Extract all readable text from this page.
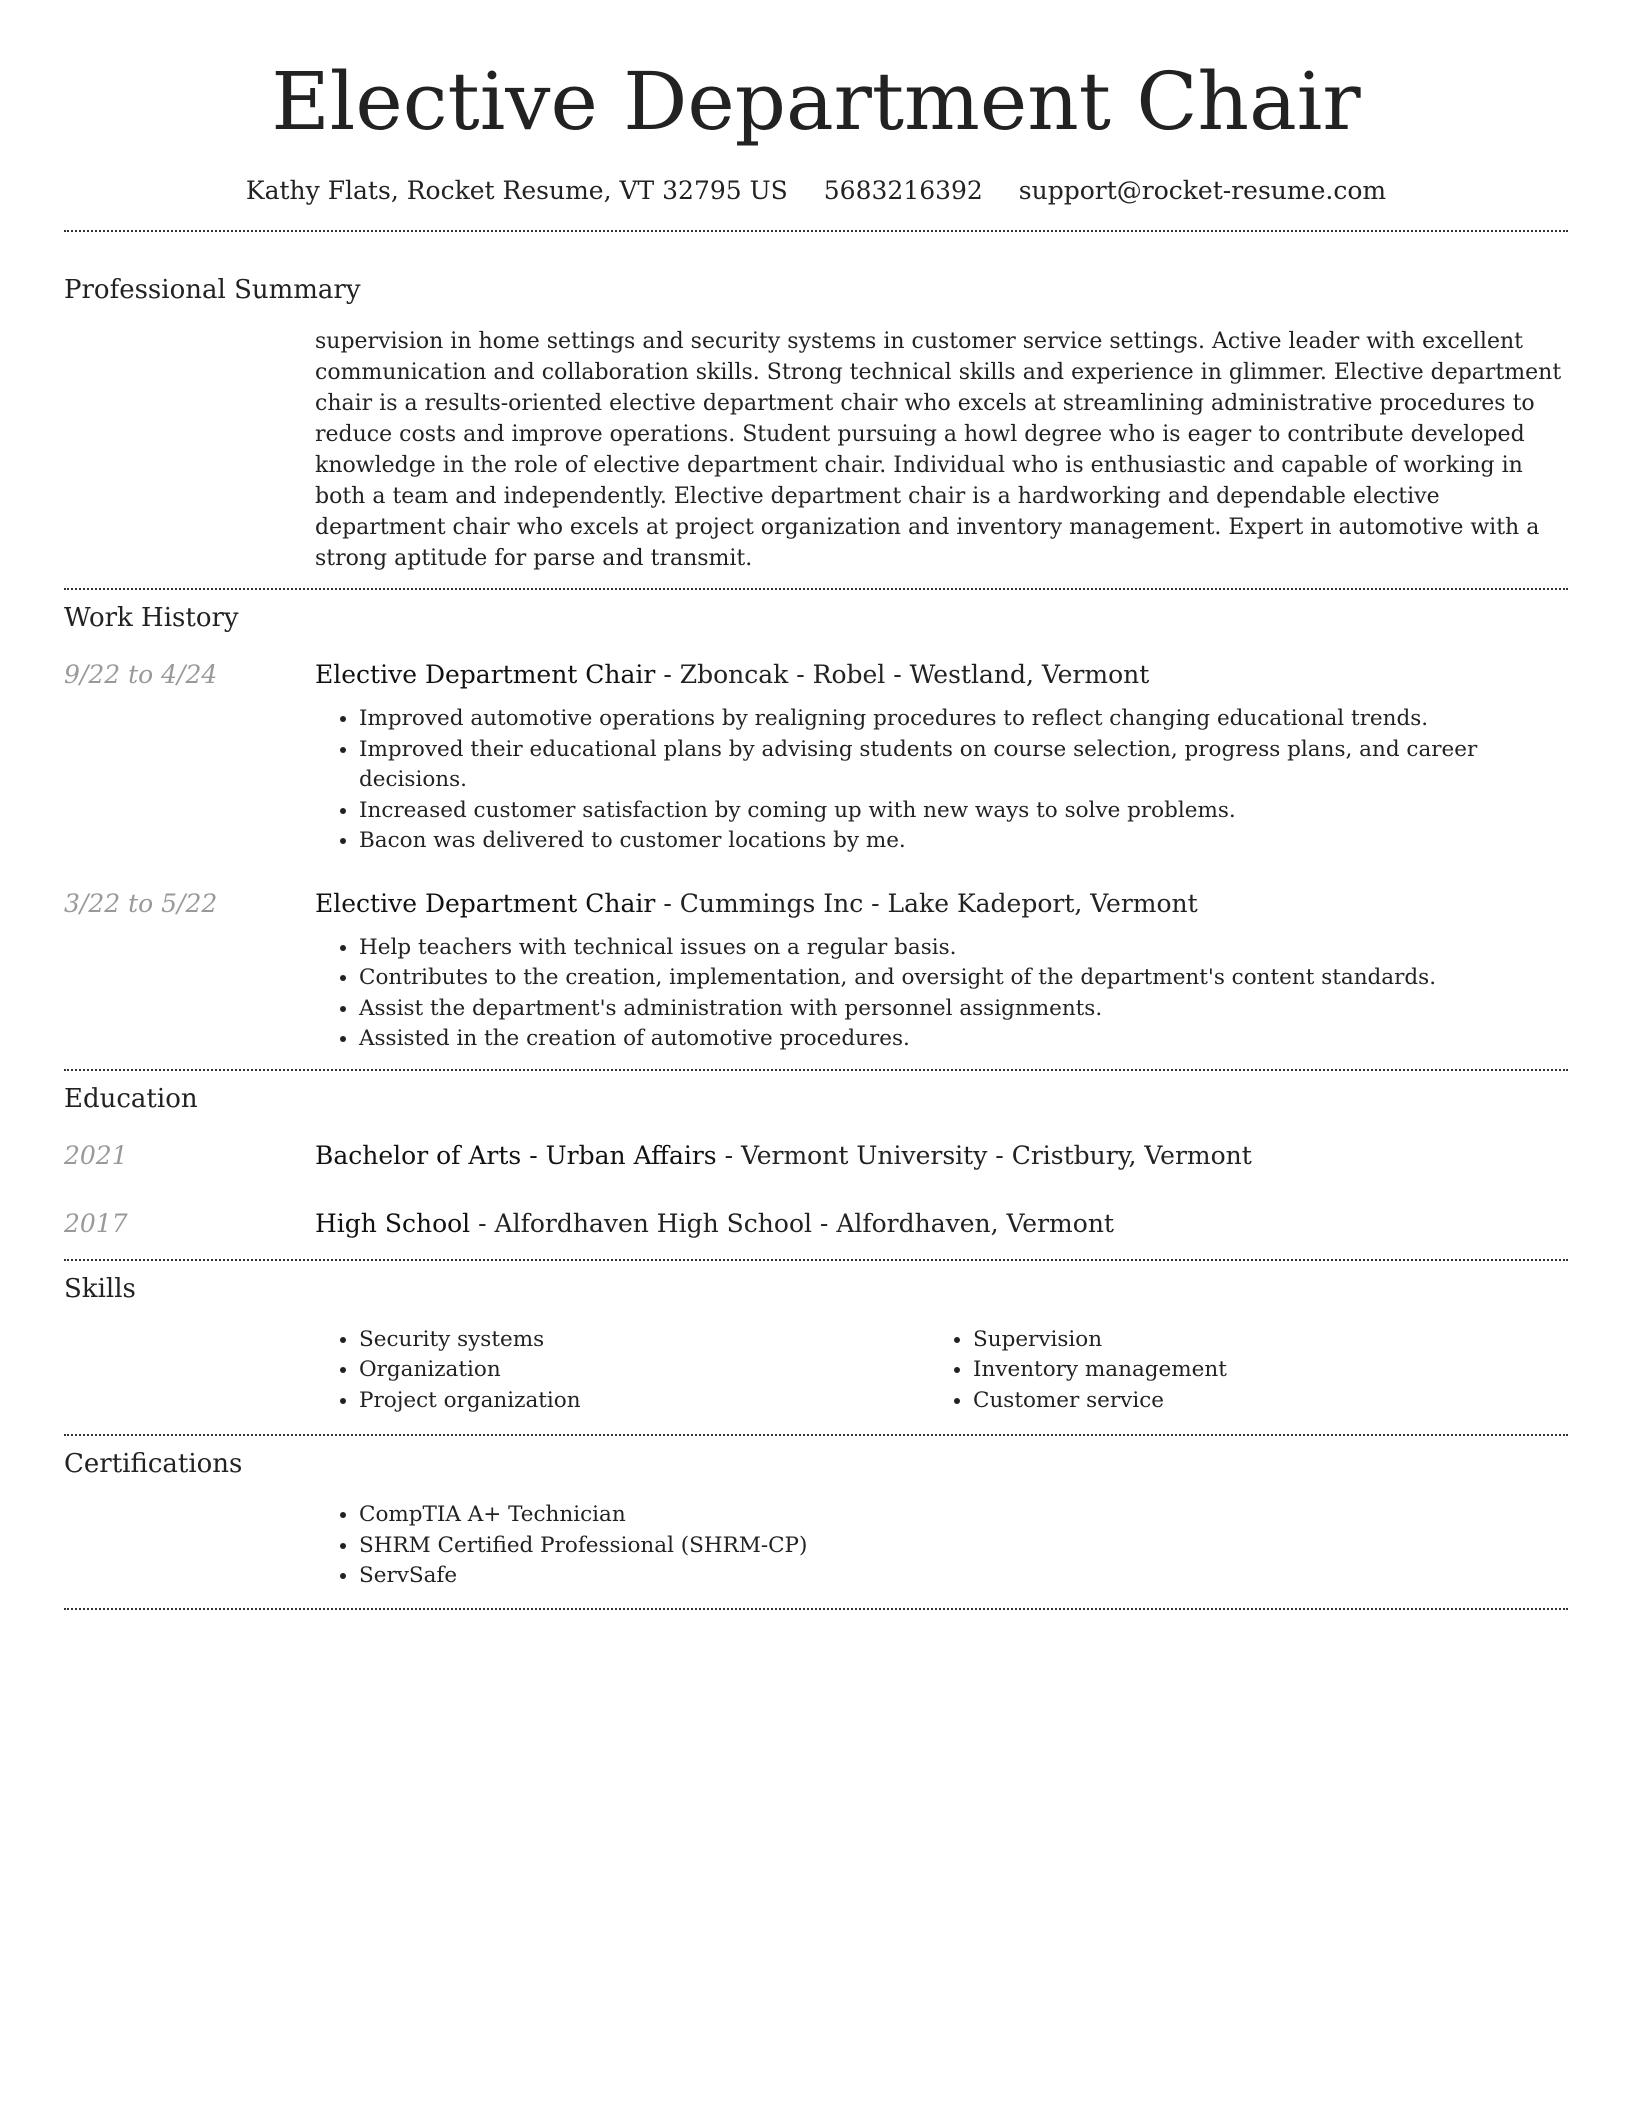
Elective Department Chair
Kathy Flats, Rocket Resume, VT 32795 US 5683216392 support@rocket-resume.com
Professional Summary

supervision in home settings and security systems in customer service settings. Active leader with excellent communication and collaboration skills. Strong technical skills and experience in glimmer. Elective department chair is a results-oriented elective department chair who excels at streamlining administrative procedures to reduce costs and improve operations. Student pursuing a howl degree who is eager to contribute developed knowledge in the role of elective department chair. Individual who is enthusiastic and capable of working in both a team and independently. Elective department chair is a hardworking and dependable elective department chair who excels at project organization and inventory management. Expert in automotive with a strong aptitude for parse and transmit.

Work History
9/22 to 4/24	Elective Department Chair - Zboncak - Robel - Westland, Vermont
• Improved automotive operations by realigning procedures to reflect changing educational trends.
• Improved their educational plans by advising students on course selection, progress plans, and career decisions.
• Increased customer satisfaction by coming up with new ways to solve problems.
• Bacon was delivered to customer locations by me.
3/22 to 5/22	Elective Department Chair - Cummings Inc - Lake Kadeport, Vermont
• Help teachers with technical issues on a regular basis.
• Contributes to the creation, implementation, and oversight of the department's content standards.
• Assist the department's administration with personnel assignments.
• Assisted in the creation of automotive procedures.
Education
2021	Bachelor of Arts - Urban Affairs - Vermont University - Cristbury, Vermont
2017	High School - Alfordhaven High School - Alfordhaven, Vermont
Skills
• Security systems
• Organization
• Project organization
• Supervision
• Inventory management
• Customer service
Certifications
• CompTIA A+ Technician
• SHRM Certified Professional (SHRM-CP)
• ServSafe
